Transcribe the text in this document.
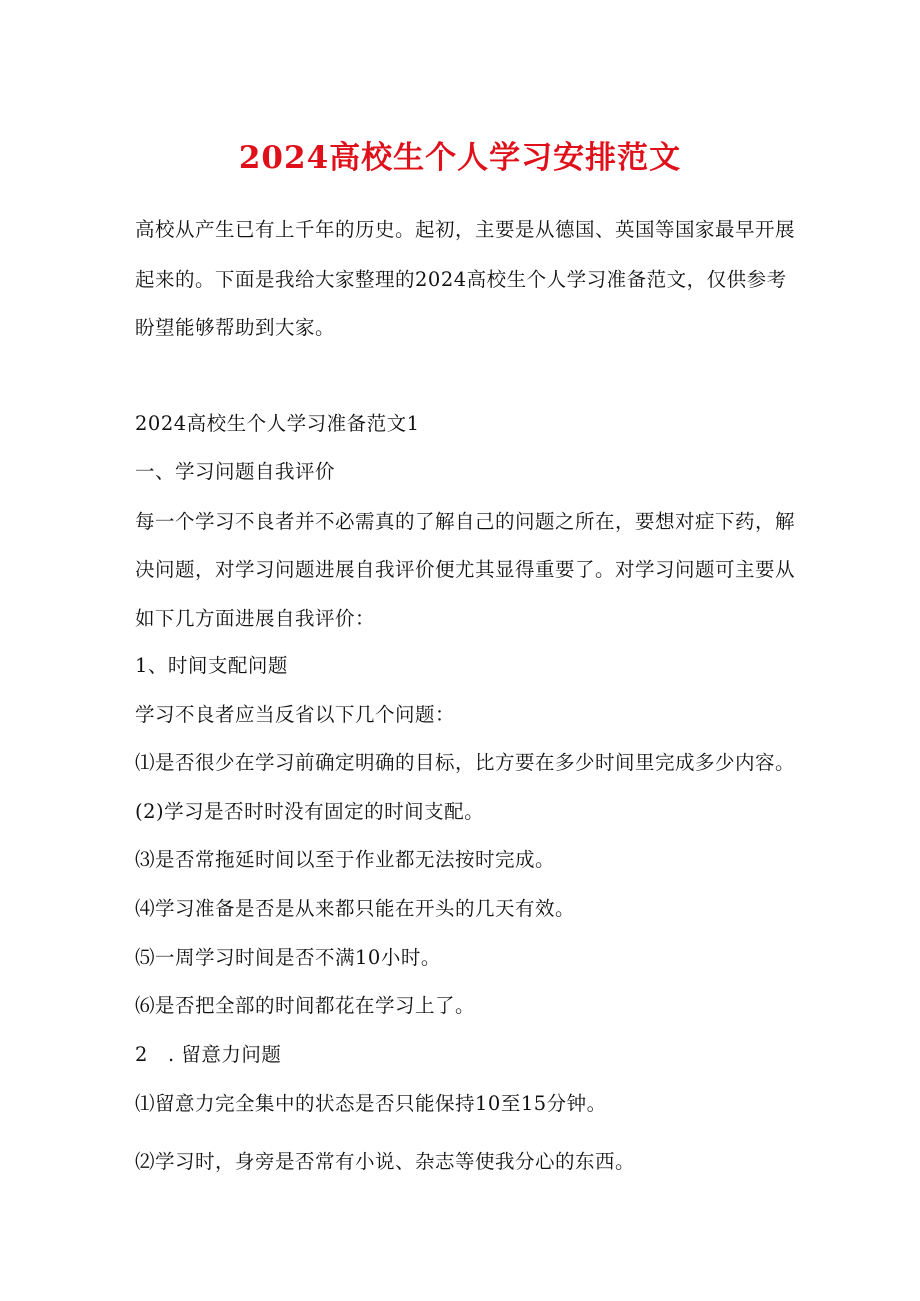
2024高校生个人学习安排范文
高校从产生已有上千年的历史。起初，主要是从德国、英国等国家最早开展
起来的。下面是我给大家整理的2024高校生个人学习准备范文，仅供参考
盼望能够帮助到大家。
2024高校生个人学习准备范文1
一、学习问题自我评价
每一个学习不良者并不必需真的了解自己的问题之所在，要想对症下药，解
决问题，对学习问题进展自我评价便尤其显得重要了。对学习问题可主要从
如下几方面进展自我评价：
1、时间支配问题
学习不良者应当反省以下几个问题：
⑴是否很少在学习前确定明确的目标，比方要在多少时间里完成多少内容。
(2)学习是否时时没有固定的时间支配。
⑶是否常拖延时间以至于作业都无法按时完成。
⑷学习准备是否是从来都只能在开头的几天有效。
⑸一周学习时间是否不满10小时。
⑹是否把全部的时间都花在学习上了。
2   . 留意力问题
⑴留意力完全集中的状态是否只能保持10至15分钟。
⑵学习时，身旁是否常有小说、杂志等使我分心的东西。
